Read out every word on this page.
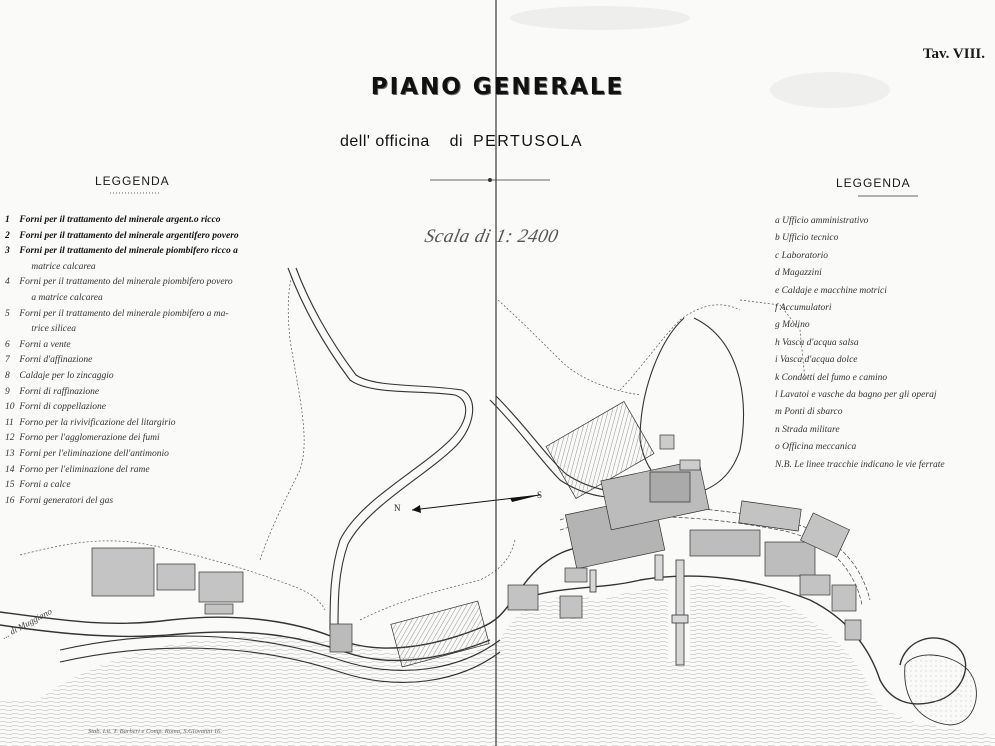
Tav. VIII.
PIANO GENERALE
dell' officina di PERTUSOLA
Scala di 1: 2400
LEGGENDA
1 Forni per il trattamento del minerale argent.o ricco
2 Forni per il trattamento del minerale argentifero povero
3 Forni per il trattamento del minerale piombifero ricco a
matrice calcarea
4 Forni per il trattamento del minerale piombifero povero
a matrice calcarea
5 Forni per il trattamento del minerale piombifero a ma-
trice silicea
6 Forni a vente
7 Forni d'affinazione
8 Caldaje per lo zincaggio
9 Forni di raffinazione
10 Forni di coppellazione
11 Forno per la rivivificazione del litargirio
12 Forno per l'agglomerazione dei fumi
13 Forni per l'eliminazione dell'antimonio
14 Forno per l'eliminazione del rame
15 Forni a calce
16 Forni generatori del gas
LEGGENDA
a Ufficio amministrativo
b Ufficio tecnico
c Laboratorio
d Magazzini
e Caldaje e macchine motrici
f Accumulatori
g Molino
h Vasca d'acqua salsa
i Vasca d'acqua dolce
k Condotti del fumo e camino
l Lavatoi e vasche da bagno per gli operaj
m Ponti di sbarco
n Strada militare
o Officina meccanica
N.B. Le linee tracchie indicano le vie ferrate
N
S
... di Muggiano
Stab. Lit. T. Barberi e Comp. Roma, S.Giovanni 16.
